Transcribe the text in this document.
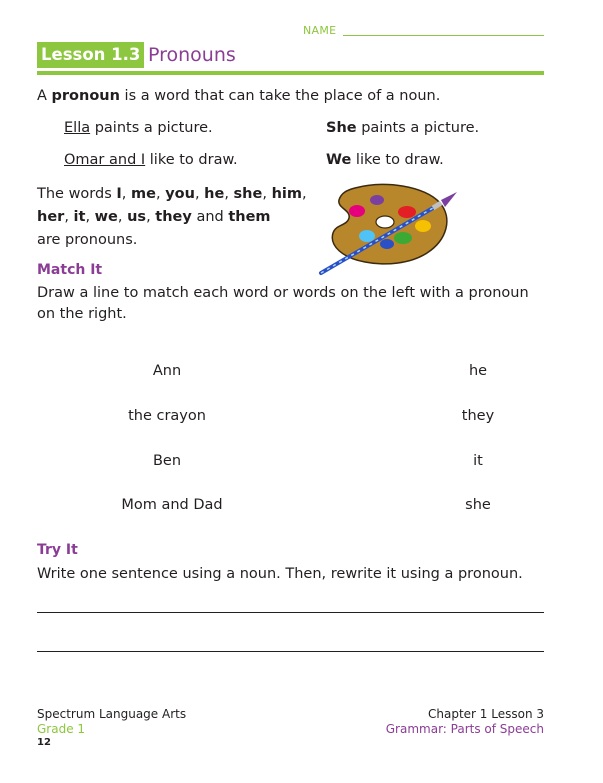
NAME
Lesson 1.3 Pronouns
A pronoun is a word that can take the place of a noun.
Ella paints a picture.	She paints a picture.
Omar and I like to draw.	We like to draw.
The words I, me, you, he, she, him,
her, it, we, us, they and them
are pronouns.
Match It
Draw a line to match each word or words on the left with a pronoun
on the right.
Ann
the crayon
Ben
Mom and Dad
he
they
it
she
Try It
Write one sentence using a noun. Then, rewrite it using a pronoun.
Spectrum Language Arts
Grade 1
12
Chapter 1 Lesson 3
Grammar: Parts of Speech
